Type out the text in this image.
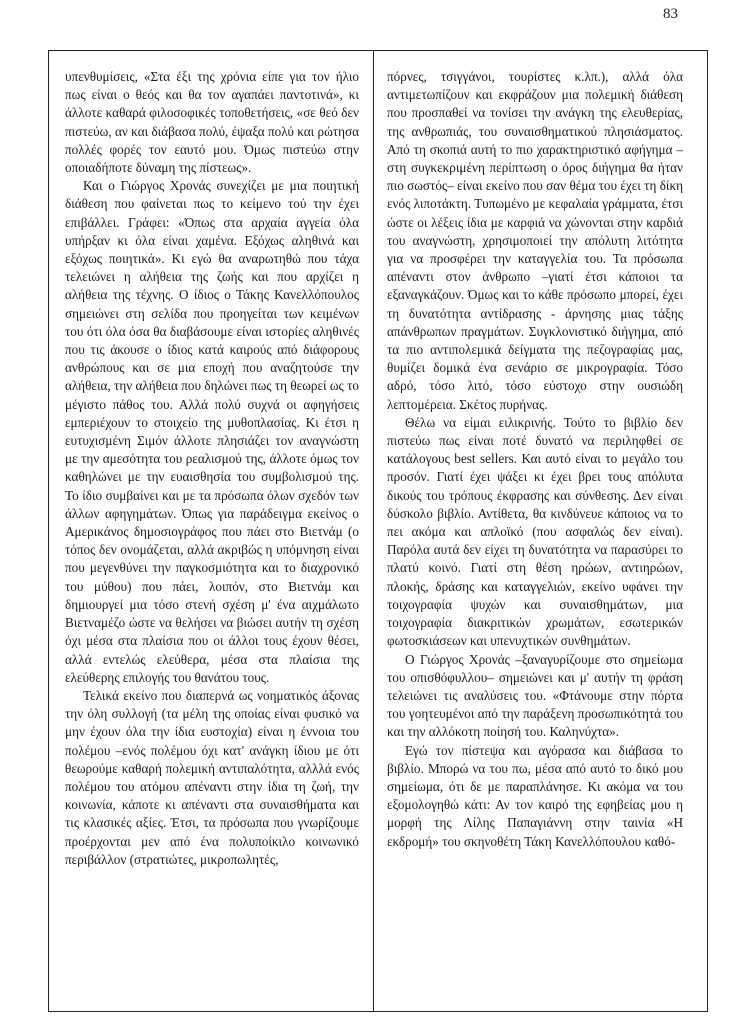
83

υπενθυμίσεις, «Στα έξι της χρόνια είπε για τον ήλιο πως είναι ο θεός και θα τον αγαπάει παντοτινά», κι άλλοτε καθαρά φιλοσοφικές τοποθετήσεις, «σε θεό δεν πιστεύω, αν και διάβασα πολύ, έψαξα πολύ και ρώτησα πολλές φορές τον εαυτό μου. Όμως πιστεύω στην οποιαδήποτε δύναμη της πίστεως».

Και ο Γιώργος Χρονάς συνεχίζει με μια ποιητική διάθεση που φαίνεται πως το κείμενο τού την έχει επιβάλλει. Γράφει: «Όπως στα αρχαία αγγεία όλα υπήρξαν κι όλα είναι χαμένα. Εξόχως αληθινά και εξόχως ποιητικά». Κι εγώ θα αναρωτηθώ που τάχα τελειώνει η αλήθεια της ζωής και που αρχίζει η αλήθεια της τέχνης. Ο ίδιος ο Τάκης Κανελλόπουλος σημειώνει στη σελίδα που προηγείται των κειμένων του ότι όλα όσα θα διαβάσουμε είναι ιστορίες αληθινές που τις άκουσε ο ίδιος κατά καιρούς από διάφορους ανθρώπους και σε μια εποχή που αναζητούσε την αλήθεια, την αλήθεια που δηλώνει πως τη θεωρεί ως το μέγιστο πάθος του. Αλλά πολύ συχνά οι αφηγήσεις εμπεριέχουν το στοιχείο της μυθοπλασίας. Κι έτσι η ευτυχισμένη Σιμόν άλλοτε πλησιάζει τον αναγνώστη με την αμεσότητα του ρεαλισμού της, άλλοτε όμως τον καθηλώνει με την ευαισθησία του συμβολισμού της. Το ίδιο συμβαίνει και με τα πρόσωπα όλων σχεδόν των άλλων αφηγημάτων. Όπως για παράδειγμα εκείνος ο Αμερικάνος δημοσιογράφος που πάει στο Βιετνάμ (ο τόπος δεν ονομάζεται, αλλά ακριβώς η υπόμνηση είναι που μεγενθύνει την παγκοσμιότητα και το διαχρονικό του μύθου) που πάει, λοιπόν, στο Βιετνάμ και δημιουργεί μια τόσο στενή σχέση μ' ένα αιχμάλωτο Βιετναμέζο ώστε να θελήσει να βιώσει αυτήν τη σχέση όχι μέσα στα πλαίσια που οι άλλοι τους έχουν θέσει, αλλά εντελώς ελεύθερα, μέσα στα πλαίσια της ελεύθερης επιλογής του θανάτου τους.

Τελικά εκείνο που διαπερνά ως νοηματικός άξονας την όλη συλλογή (τα μέλη της οποίας είναι φυσικό να μην έχουν όλα την ίδια ευστοχία) είναι η έννοια του πολέμου –ενός πολέμου όχι κατ' ανάγκη ίδιου με ότι θεωρούμε καθαρή πολεμική αντιπαλότητα, αλλλά ενός πολέμου του ατόμου απέναντι στην ίδια τη ζωή, την κοινωνία, κάποτε κι απέναντι στα συναισθήματα και τις κλασικές αξίες. Έτσι, τα πρόσωπα που γνωρίζουμε προέρχονται μεν από ένα πολυποίκιλο κοινωνικό περιβάλλον (στρατιώτες, μικροπωλητές,

πόρνες, τσιγγάνοι, τουρίστες κ.λπ.), αλλά όλα αντιμετωπίζουν και εκφράζουν μια πολεμική διάθεση που προσπαθεί να τονίσει την ανάγκη της ελευθερίας, της ανθρωπιάς, του συναισθηματικού πλησιάσματος. Από τη σκοπιά αυτή το πιο χαρακτηριστικό αφήγημα –στη συγκεκριμένη περίπτωση ο όρος διήγημα θα ήταν πιο σωστός– είναι εκείνο που σαν θέμα του έχει τη δίκη ενός λιποτάκτη. Τυπωμένο με κεφαλαία γράμματα, έτσι ώστε οι λέξεις ίδια με καρφιά να χώνονται στην καρδιά του αναγνώστη, χρησιμοποιεί την απόλυτη λιτότητα για να προσφέρει την καταγγελία του. Τα πρόσωπα απέναντι στον άνθρωπο –γιατί έτσι κάποιοι τα εξαναγκάζουν. Όμως και το κάθε πρόσωπο μπορεί, έχει τη δυνατότητα αντίδρασης - άρνησης μιας τάξης απάνθρωπων πραγμάτων. Συγκλονιστικό διήγημα, από τα πιο αντιπολεμικά δείγματα της πεζογραφίας μας, θυμίζει δομικά ένα σενάριο σε μικρογραφία. Τόσο αδρό, τόσο λιτό, τόσο εύστοχο στην ουσιώδη λεπτομέρεια. Σκέτος πυρήνας.

Θέλω να είμαι ειλικρινής. Τούτο το βιβλίο δεν πιστεύω πως είναι ποτέ δυνατό να περιληφθεί σε κατάλογους best sellers. Και αυτό είναι το μεγάλο του προσόν. Γιατί έχει ψάξει κι έχει βρει τους απόλυτα δικούς του τρόπους έκφρασης και σύνθεσης. Δεν είναι δύσκολο βιβλίο. Αντίθετα, θα κινδύνευε κάποιος να το πει ακόμα και απλοϊκό (που ασφαλώς δεν είναι). Παρόλα αυτά δεν είχει τη δυνατότητα να παρασύρει το πλατύ κοινό. Γιατί στη θέση ηρώων, αντιηρώων, πλοκής, δράσης και καταγγελιών, εκείνο υφάνει την τοιχογραφία ψυχών και συναισθημάτων, μια τοιχογραφία διακριτικών χρωμάτων, εσωτερικών φωτοσκιάσεων και υπενυχτικών συνθημάτων.

Ο Γιώργος Χρονάς –ξαναγυρίζουμε στο σημείωμα του οπισθόφυλλου– σημειώνει και μ' αυτήν τη φράση τελειώνει τις αναλύσεις του. «Φτάνουμε στην πόρτα του γοητευμένοι από την παράξενη προσωπικότητά του και την αλλόκοτη ποίησή του. Καληνύχτα».

Εγώ τον πίστεψα και αγόρασα και διάβασα το βιβλίο. Μπορώ να του πω, μέσα από αυτό το δικό μου σημείωμα, ότι δε με παραπλάνησε. Κι ακόμα να του εξομολογηθώ κάτι: Αν τον καιρό της εφηβείας μου η μορφή της Λίλης Παπαγιάννη στην ταινία «Η εκδρομή» του σκηνοθέτη Τάκη Κανελλόπουλου καθό-
